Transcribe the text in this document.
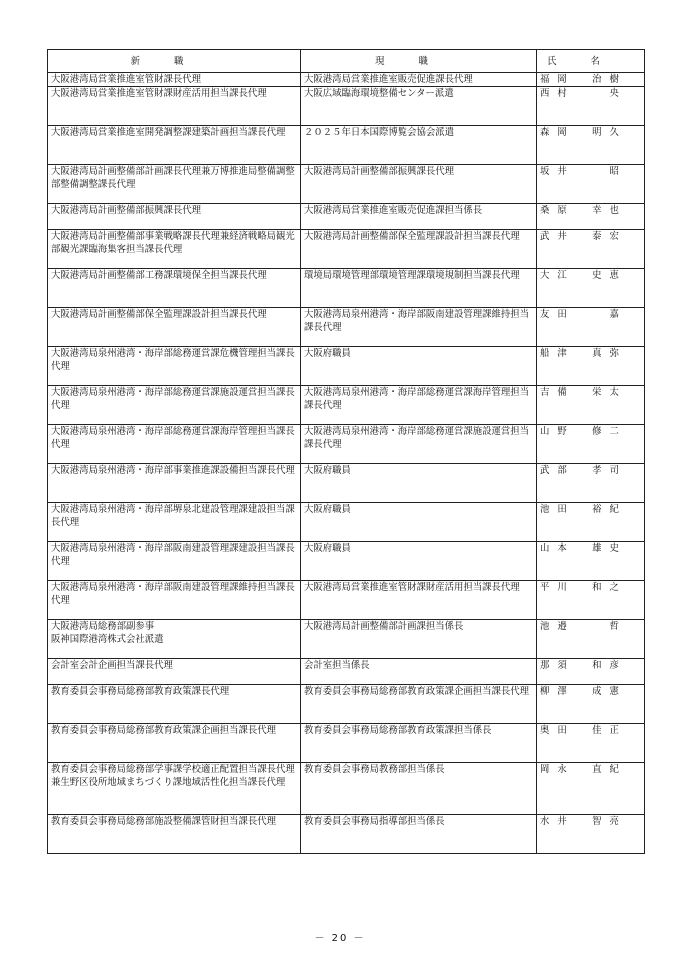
新職	現職	氏名
大阪港湾局営業推進室管財課長代理	大阪港湾局営業推進室販売促進課長代理	福岡　治樹
大阪港湾局営業推進室管財課財産活用担当課長代理	大阪広域臨海環境整備センター派遣	西村　　央
大阪港湾局営業推進室開発調整課建築計画担当課長代理	２０２５年日本国際博覧会協会派遣	森岡　明久
大阪港湾局計画整備部計画課長代理兼万博推進局整備調整部整備調整課長代理	大阪港湾局計画整備部振興課長代理	坂井　　昭
大阪港湾局計画整備部振興課長代理	大阪港湾局営業推進室販売促進課担当係長	桑原　幸也
大阪港湾局計画整備部事業戦略課長代理兼経済戦略局観光部観光課臨海集客担当課長代理	大阪港湾局計画整備部保全監理課設計担当課長代理	武井　泰宏
大阪港湾局計画整備部工務課環境保全担当課長代理	環境局環境管理部環境管理課環境規制担当課長代理	大江　史恵
大阪港湾局計画整備部保全監理課設計担当課長代理	大阪港湾局泉州港湾・海岸部阪南建設管理課維持担当課長代理	友田　　嘉
大阪港湾局泉州港湾・海岸部総務運営課危機管理担当課長代理	大阪府職員	船津　真弥
大阪港湾局泉州港湾・海岸部総務運営課施設運営担当課長代理	大阪港湾局泉州港湾・海岸部総務運営課海岸管理担当課長代理	吉備　栄太
大阪港湾局泉州港湾・海岸部総務運営課海岸管理担当課長代理	大阪港湾局泉州港湾・海岸部総務運営課施設運営担当課長代理	山野　修二
大阪港湾局泉州港湾・海岸部事業推進課設備担当課長代理	大阪府職員	武部　孝司
大阪港湾局泉州港湾・海岸部堺泉北建設管理課建設担当課長代理	大阪府職員	池田　裕紀
大阪港湾局泉州港湾・海岸部阪南建設管理課建設担当課長代理	大阪府職員	山本　雄史
大阪港湾局泉州港湾・海岸部阪南建設管理課維持担当課長代理	大阪港湾局営業推進室管財課財産活用担当課長代理	平川　和之
大阪港湾局総務部副参事
阪神国際港湾株式会社派遣	大阪港湾局計画整備部計画課担当係長	池邉　　哲
会計室会計企画担当課長代理	会計室担当係長	那須　和彦
教育委員会事務局総務部教育政策課長代理	教育委員会事務局総務部教育政策課企画担当課長代理	柳澤　成憲
教育委員会事務局総務部教育政策課企画担当課長代理	教育委員会事務局総務部教育政策課担当係長	奥田　佳正
教育委員会事務局総務部学事課学校適正配置担当課長代理兼生野区役所地域まちづくり課地域活性化担当課長代理	教育委員会事務局教務部担当係長	岡永　直紀
教育委員会事務局総務部施設整備課管財担当課長代理	教育委員会事務局指導部担当係長	水井　智亮
－ 20 －
